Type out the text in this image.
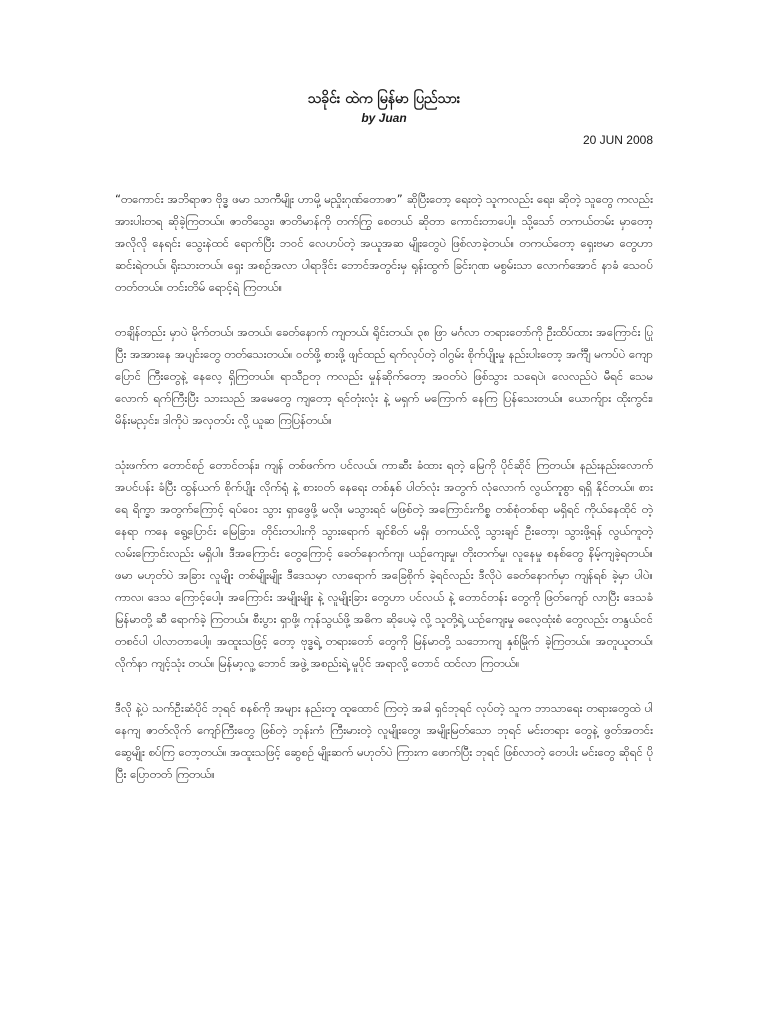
သခိုင်း ထဲက မြန်မာ ပြည်သား
by Juan
20 JUN 2008

“တကောင်း အဘိရာဇာ ဗိုဒ္ဓ ဖမာ သာကီမျိုး ဟာမို့ မညှိုးဂုဏ်တောဇာ” ဆိုပြီးတော့ ရေးတဲ့ သူကလည်း ရေး၊ ဆိုတဲ့ သူတွေ ကလည်း အားပါးတရ ဆိုခဲ့ကြတယ်။ ဇာတိသွေး၊ ဇာတိမာန်ကို တက်ကြွ စေတယ် ဆိုတာ ကောင်းတာပေါ့။ သို့သော် တကယ်တမ်း မှာတော့ အလိုလို နေရင်း သွေးနဲထင် ရောက်ပြီး ဘဝင် လေဟပ်တဲ့ အယူအဆ မျိုးတွေပဲ ဖြစ်လာခဲ့တယ်။ တကယ်တော့ ရှေးဗမာ တွေဟာ ဆင်းရဲတယ်၊ ရိုးသားတယ်၊ ရှေး အစဉ်အလာ ပါရာဒိုင်း ဘောင်အတွင်းမှ ရုန်းထွက် ခြင်းဂုဏ မစွမ်းသာ လောက်အောင် နာခံ သေဝပ် တတ်တယ်။ တင်းတိမ် ရောင့်ရဲ ကြတယ်။

တချိန်တည်း မှာပဲ မိုက်တယ်၊ အတယ်၊ ခေတ်နောက် ကျတယ်၊ ရိုင်းတယ်၊ ၃၈ ဖြာ မင်္ဂလာ တရားတော်ကို ဦးထိပ်ထား အကြောင်း ပြုပြီး အအားနေ အပျင်းတွေ တတ်သေးတယ်။ ဝတ်ဖို့ စားဖို့ ဖျင်ထည် ရက်လုပ်တဲ့ ဝါဂွမ်း စိုက်ပျိုးမှု နည်းပါးတော့ အင်္ကျီ မကပ်ပဲ ကျောပြောင် ကြီးတွေနဲ့ နေလေ့ ရှိကြတယ်။ ရာသီဥတု ကလည်း မှုန်ဆိုက်တော့ အဝတ်ပဲ ဖြစ်သွား သရေပဲ၊ လေလည်ပဲ မီရင် သေမလောက် ရက်ကြီးပြီး သားသည် အမေတွေ ကျတော့ ရင်တုံးလုံး နဲ့ မရှက် မကြောက် နေကြ ပြန်သေးတယ်။ ယောက်ျား ထိုးကွင်း၊ မိန်းမညှင်း၊ ဒါကိုပဲ အလှတပ်း လို့ ယူဆ ကြပြန်တယ်။

သုံးဖက်က တောင်စဉ် တောင်တန်း၊ ကျန် တစ်ဖက်က ပင်လယ်၊ ကာဆီး ခံထား ရတဲ့ မြေကို ပိုင်ဆိုင် ကြတယ်။ နည်းနည်းလောက် အပင်ပန်း ခံပြီး ထွန်ယက် စိုက်ပျိုး လိုက်ရုံ နဲ့ စားဝတ် နေရေး တစ်နှစ် ပါတ်လုံး အတွက် လုံလောက် လွယ်ကူစွာ ရရှိ နိုင်တယ်။ စားရေ ရိက္ခာ အတွက်ကြောင့် ရပ်ဝေး သွား ရှာဖွေဖို့ မလို။ မသွားရင် မဖြစ်တဲ့ အကြောင်းကိစ္စ တစ်စုံတစ်ရာ မရှိရင် ကိုယ်နေထိုင် တဲ့ နေရာ ကနေ ရွေ့ပြောင်း မြေခြား၊ တိုင်းတပါးကို သွားရောက် ချင်စိတ် မရှိ၊ တကယ်လို့ သွားချင် ဦးတော့၊ သွားဖို့ရန် လွယ်ကူတဲ့ လမ်းကြောင်းလည်း မရှိပါ။ ဒီအကြောင်း တွေကြောင့် ခေတ်နောက်ကျ၊ ယဉ်ကျေးမှု၊ တိုးတက်မှု၊ လူနေမှု စနစ်တွေ နိမ့်ကျခဲ့ရတယ်။ ဖမာ မဟုတ်ပဲ အခြား လူမျိုး တစ်မျိုးမျိုး ဒီဒေသမှာ လာရောက် အခြေစိုက် ခဲ့ရင်လည်း ဒီလိုပဲ ခေတ်နောက်မှာ ကျန်ရစ် ခဲ့မှာ ပါပဲ။ ကာလ၊ ဒေသ ကြောင့်ပေါ့။ အကြောင်း အမျိုးမျိုး နဲ့ လူမျိုးခြား တွေဟာ ပင်လယ် နဲ့ တောင်တန်း တွေကို ဖြတ်ကျော် လာပြီး ဒေသခံ မြန်မာတို့ ဆီ ရောက်ခဲ့ ကြတယ်။ စီးပွား ရှာဖို့၊ ကုန်သွယ်ဖို့ အဓိက ဆိုပေမဲ့ လို့ သူတို့ရဲ့ ယဉ်ကျေးမှု ဓလေ့ထုံးစံ တွေလည်း တနွယ်ငင် တစင်ပါ ပါလာတာပေါ့။ အထူးသဖြင့် တော့ ဗုဒ္ဓရဲ့ တရားတော် တွေကို မြန်မာတို့ သဘောကျ နှစ်မြိုက် ခဲ့ကြတယ်။ အတူယူတယ်၊ လိုက်နာ ကျင့်သုံး တယ်။ မြန်မာ့လူ့ ဘောင် အဖွဲ့ အစည်းရဲ့ မူပိုင် အရာလို့ တောင် ထင်လာ ကြတယ်။

ဒီလို နဲ့ပဲ သက်ဦးဆံပိုင် ဘုရင် စနစ်ကို အများ နည်းတူ ထူထောင် ကြတဲ့ အခါ ရှင်ဘုရင် လုပ်တဲ့ သူက ဘာသာရေး တရားတွေထဲ ပါနေကျ ဇာတ်လိုက် ကျော်ကြီးတွေ ဖြစ်တဲ့ ဘုန်းကံ ကြီးမားတဲ့ လူမျိုးတွေ၊ အမျိုးမြတ်သော ဘုရင် မင်းတရား တွေနဲ့ ဖွတ်အတင်း ဆွေမျိုး စပ်ကြ တော့တယ်။ အထူးသဖြင့် ဆွေစဉ် မျိုးဆက် မဟုတ်ပဲ ကြားက ဖောက်ပြီး ဘုရင် ဖြစ်လာတဲ့ တေပါး မင်းတွေ ဆိုရင် ပိုပြီး ပြောတတ် ကြတယ်။
